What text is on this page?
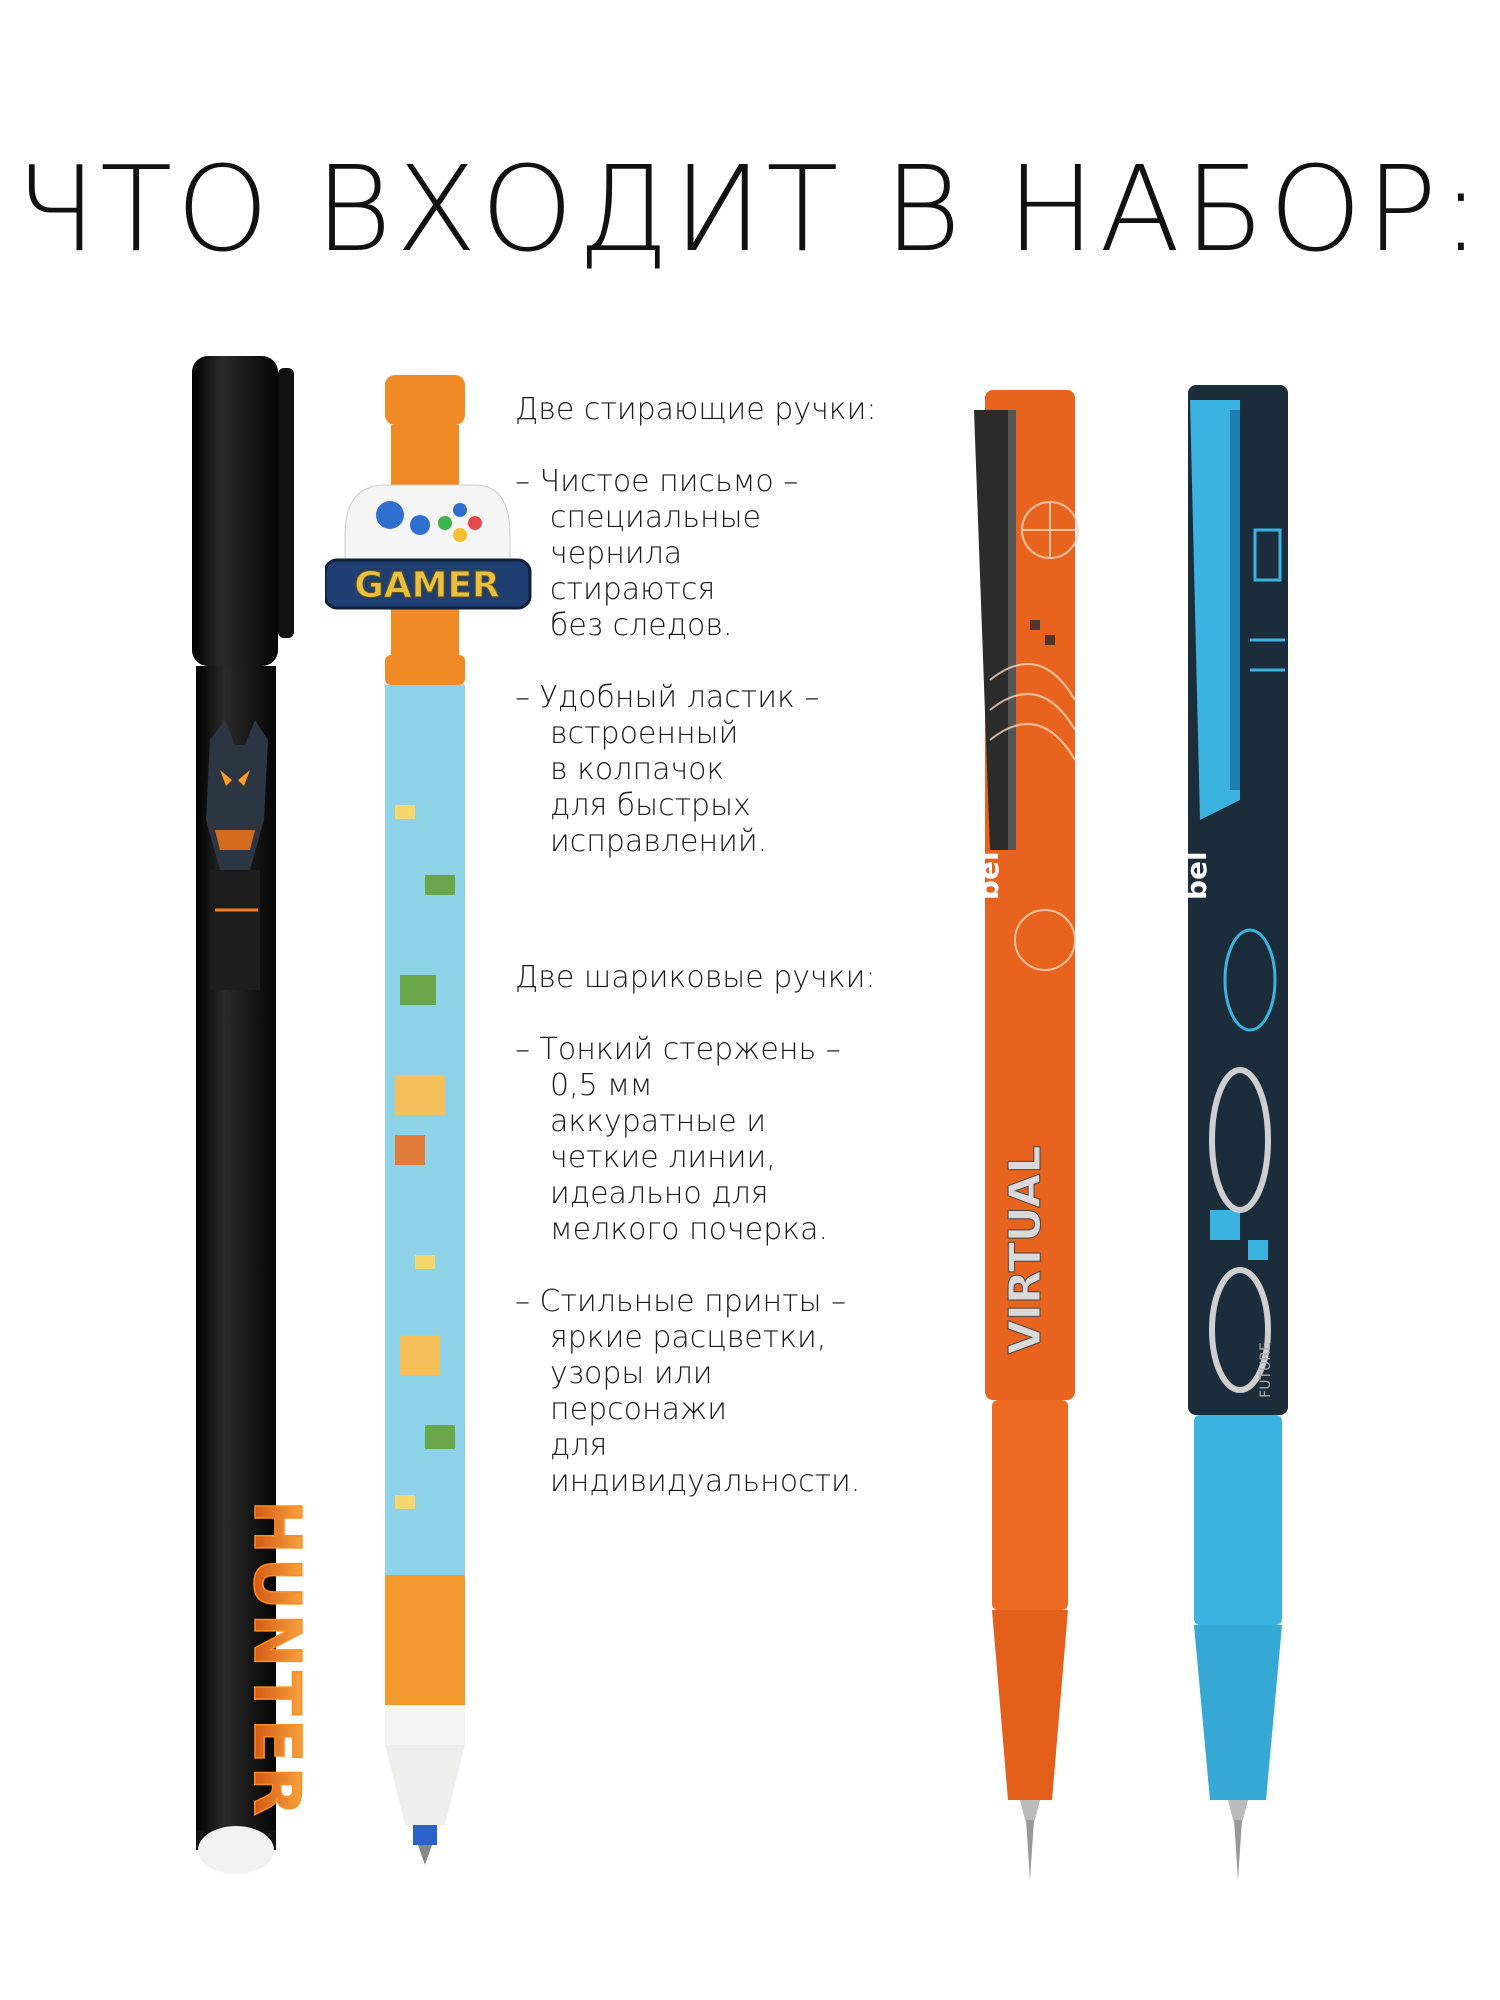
ЧТО ВХОДИТ В НАБОР:
HUNTER
GAMER
bel
VIRTUAL
bel
FUTURE

Две стирающие ручки:

– Чистое письмо –
специальные
чернила
стираются
без следов.
– Удобный ластик –
встроенный
в колпачок
для быстрых
исправлений.

Две шариковые ручки:

– Тонкий стержень –
0,5 мм
аккуратные и
четкие линии,
идеально для
мелкого почерка.
– Стильные принты –
яркие расцветки,
узоры или
персонажи
для
индивидуальности.
